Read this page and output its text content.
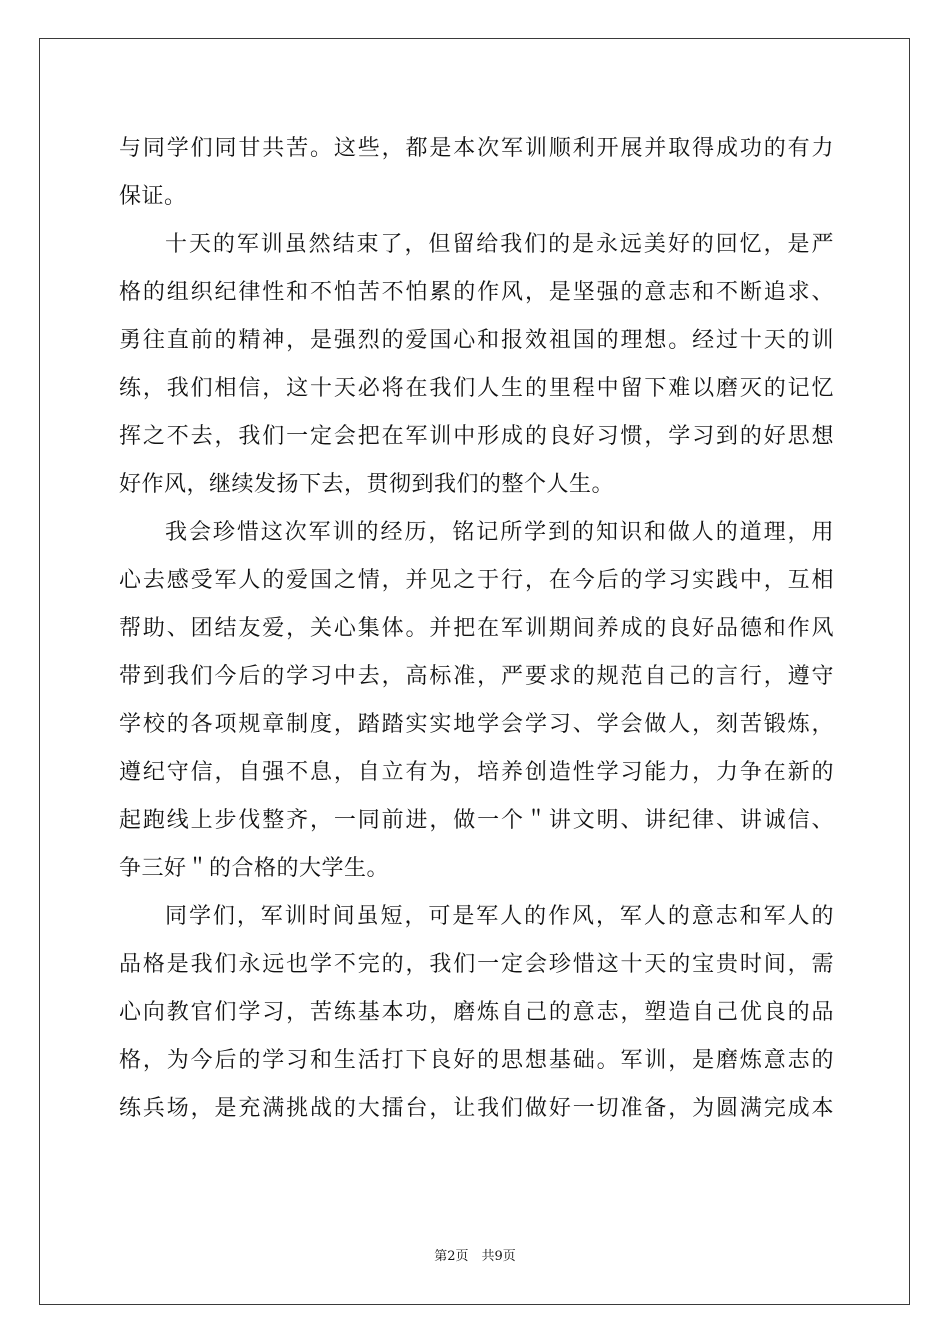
与同学们同甘共苦。这些，都是本次军训顺利开展并取得成功的有力
保证。
十天的军训虽然结束了，但留给我们的是永远美好的回忆，是严
格的组织纪律性和不怕苦不怕累的作风，是坚强的意志和不断追求、
勇往直前的精神，是强烈的爱国心和报效祖国的理想。经过十天的训
练，我们相信，这十天必将在我们人生的里程中留下难以磨灭的记忆
挥之不去，我们一定会把在军训中形成的良好习惯，学习到的好思想
好作风，继续发扬下去，贯彻到我们的整个人生。
我会珍惜这次军训的经历，铭记所学到的知识和做人的道理，用
心去感受军人的爱国之情，并见之于行，在今后的学习实践中，互相
帮助、团结友爱，关心集体。并把在军训期间养成的良好品德和作风
带到我们今后的学习中去，高标准，严要求的规范自己的言行，遵守
学校的各项规章制度，踏踏实实地学会学习、学会做人，刻苦锻炼，
遵纪守信，自强不息，自立有为，培养创造性学习能力，力争在新的
起跑线上步伐整齐，一同前进，做一个＂讲文明、讲纪律、讲诚信、
争三好＂的合格的大学生。
同学们，军训时间虽短，可是军人的作风，军人的意志和军人的
品格是我们永远也学不完的，我们一定会珍惜这十天的宝贵时间，需
心向教官们学习，苦练基本功，磨炼自己的意志，塑造自己优良的品
格，为今后的学习和生活打下良好的思想基础。军训，是磨炼意志的
练兵场，是充满挑战的大擂台，让我们做好一切准备，为圆满完成本
第2页　共9页
